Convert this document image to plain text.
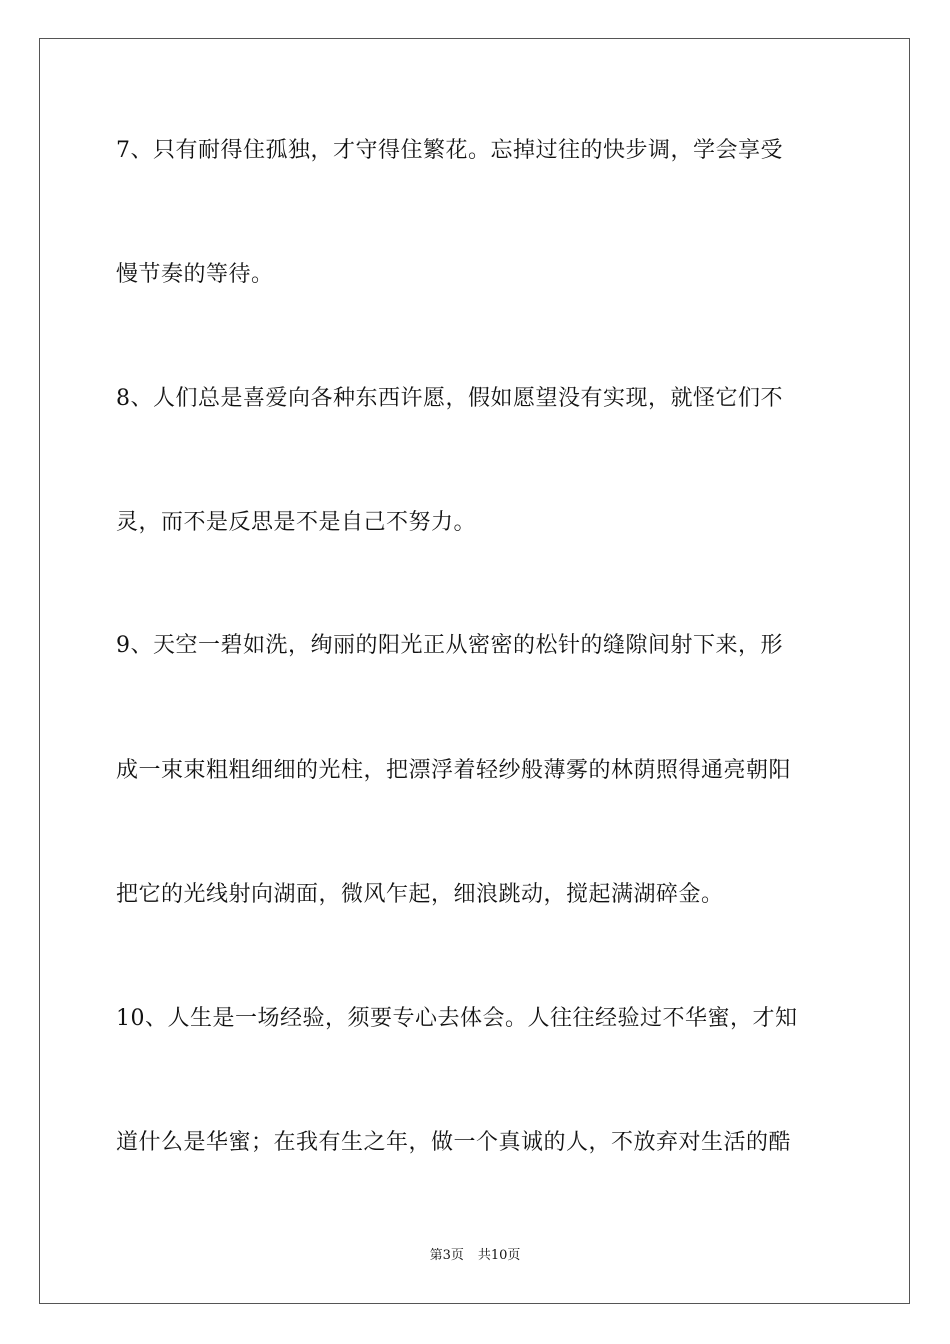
7、只有耐得住孤独，才守得住繁花。忘掉过往的快步调，学会享受
慢节奏的等待。
8、人们总是喜爱向各种东西许愿，假如愿望没有实现，就怪它们不
灵，而不是反思是不是自己不努力。
9、天空一碧如洗，绚丽的阳光正从密密的松针的缝隙间射下来，形
成一束束粗粗细细的光柱，把漂浮着轻纱般薄雾的林荫照得通亮朝阳
把它的光线射向湖面，微风乍起，细浪跳动，搅起满湖碎金。
10、人生是一场经验，须要专心去体会。人往往经验过不华蜜，才知
道什么是华蜜；在我有生之年，做一个真诚的人，不放弃对生活的酷
第3页 共10页
